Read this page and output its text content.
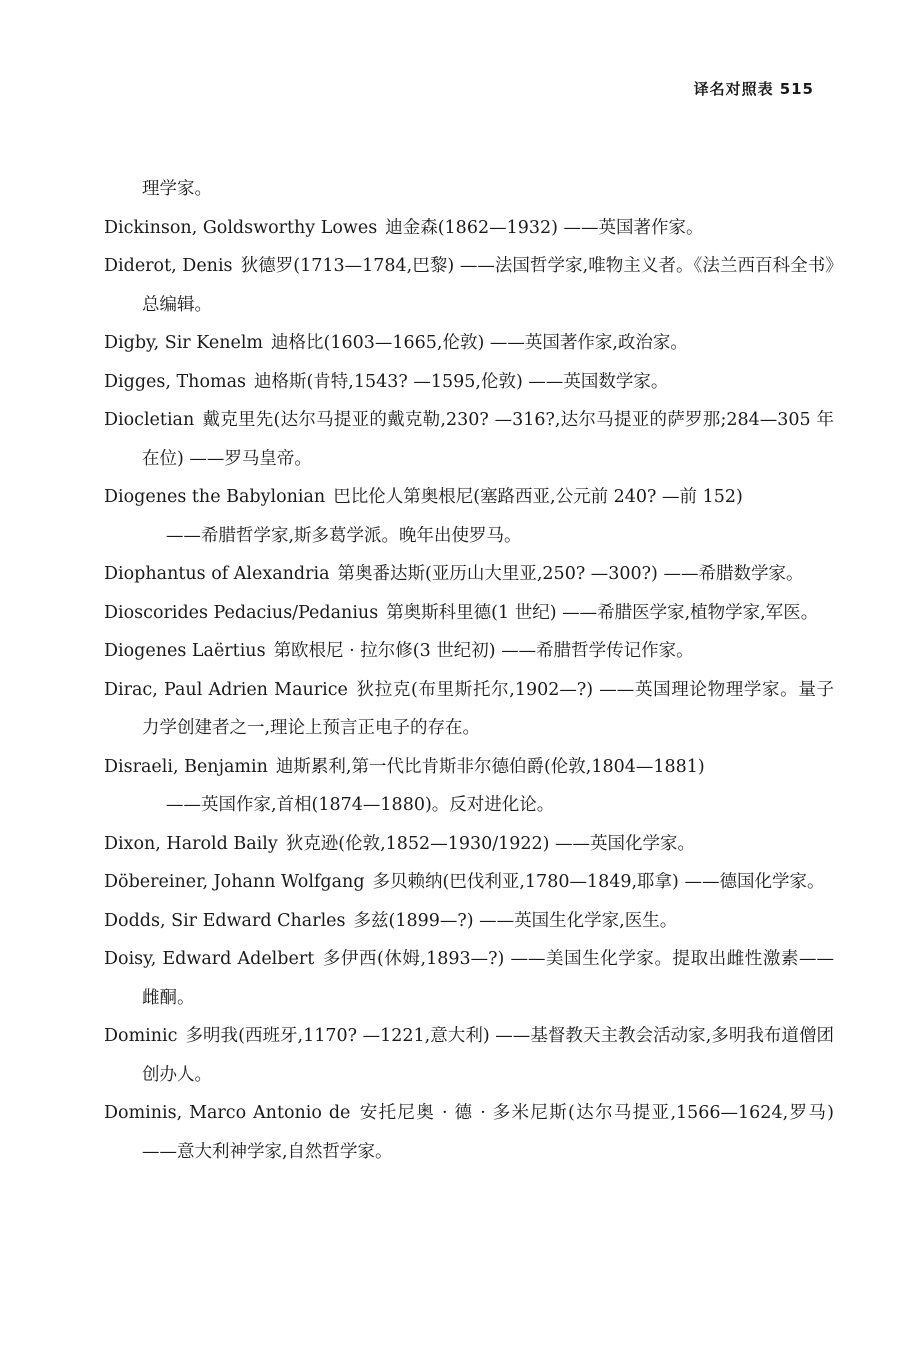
译名对照表 515
理学家。
Dickinson, Goldsworthy Lowes 迪金森(1862—1932) ——英国著作家。
Diderot, Denis 狄德罗(1713—1784,巴黎) ——法国哲学家,唯物主义者。《法兰西百科全书》总编辑。
Digby, Sir Kenelm 迪格比(1603—1665,伦敦) ——英国著作家,政治家。
Digges, Thomas 迪格斯(肯特,1543? —1595,伦敦) ——英国数学家。
Diocletian 戴克里先(达尔马提亚的戴克勒,230? —316?,达尔马提亚的萨罗那;284—305 年在位) ——罗马皇帝。
Diogenes the Babylonian 巴比伦人第奥根尼(塞路西亚,公元前 240? —前 152)
——希腊哲学家,斯多葛学派。晚年出使罗马。
Diophantus of Alexandria 第奥番达斯(亚历山大里亚,250? —300?) ——希腊数学家。
Dioscorides Pedacius/Pedanius 第奥斯科里德(1 世纪) ——希腊医学家,植物学家,军医。
Diogenes Laërtius 第欧根尼 · 拉尔修(3 世纪初) ——希腊哲学传记作家。
Dirac, Paul Adrien Maurice 狄拉克(布里斯托尔,1902—?) ——英国理论物理学家。量子力学创建者之一,理论上预言正电子的存在。
Disraeli, Benjamin 迪斯累利,第一代比肯斯非尔德伯爵(伦敦,1804—1881)
——英国作家,首相(1874—1880)。反对进化论。
Dixon, Harold Baily 狄克逊(伦敦,1852—1930/1922) ——英国化学家。
Döbereiner, Johann Wolfgang 多贝赖纳(巴伐利亚,1780—1849,耶拿) ——德国化学家。
Dodds, Sir Edward Charles 多兹(1899—?) ——英国生化学家,医生。
Doisy, Edward Adelbert 多伊西(休姆,1893—?) ——美国生化学家。提取出雌性激素——雌酮。
Dominic 多明我(西班牙,1170? —1221,意大利) ——基督教天主教会活动家,多明我布道僧团创办人。
Dominis, Marco Antonio de 安托尼奥 · 德 · 多米尼斯(达尔马提亚,1566—1624,罗马) ——意大利神学家,自然哲学家。
